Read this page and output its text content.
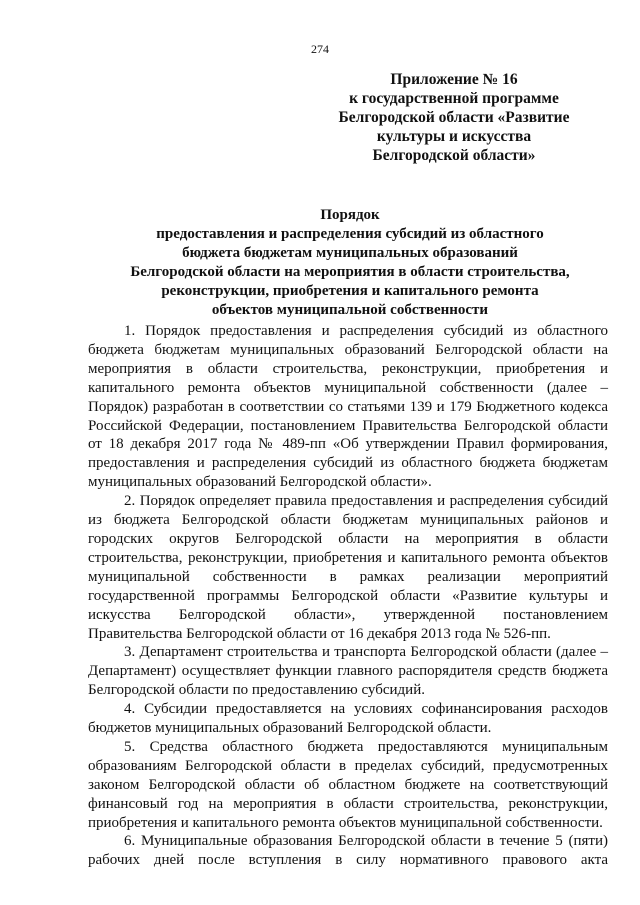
274
Приложение № 16
к государственной программе
Белгородской области «Развитие
культуры и искусства
Белгородской области»
Порядок
предоставления и распределения субсидий из областного
бюджета бюджетам муниципальных образований
Белгородской области на мероприятия в области строительства,
реконструкции, приобретения и капитального ремонта
объектов муниципальной собственности

1. Порядок предоставления и распределения субсидий из областного бюджета бюджетам муниципальных образований Белгородской области на мероприятия в области строительства, реконструкции, приобретения и капитального ремонта объектов муниципальной собственности (далее – Порядок) разработан в соответствии со статьями 139 и 179 Бюджетного кодекса Российской Федерации, постановлением Правительства Белгородской области от 18 декабря 2017 года № 489-пп «Об утверждении Правил формирования, предоставления и распределения субсидий из областного бюджета бюджетам муниципальных образований Белгородской области».

2. Порядок определяет правила предоставления и распределения субсидий из бюджета Белгородской области бюджетам муниципальных районов и городских округов Белгородской области на мероприятия в области строительства, реконструкции, приобретения и капитального ремонта объектов муниципальной собственности в рамках реализации мероприятий государственной программы Белгородской области «Развитие культуры и искусства Белгородской области», утвержденной постановлением Правительства Белгородской области от 16 декабря 2013 года № 526-пп.

3. Департамент строительства и транспорта Белгородской области (далее – Департамент) осуществляет функции главного распорядителя средств бюджета Белгородской области по предоставлению субсидий.

4. Субсидии предоставляется на условиях софинансирования расходов бюджетов муниципальных образований Белгородской области.

5. Средства областного бюджета предоставляются муниципальным образованиям Белгородской области в пределах субсидий, предусмотренных законом Белгородской области об областном бюджете на соответствующий финансовый год на мероприятия в области строительства, реконструкции, приобретения и капитального ремонта объектов муниципальной собственности.

6. Муниципальные образования Белгородской области в течение 5 (пяти) рабочих дней после вступления в силу нормативного правового акта
